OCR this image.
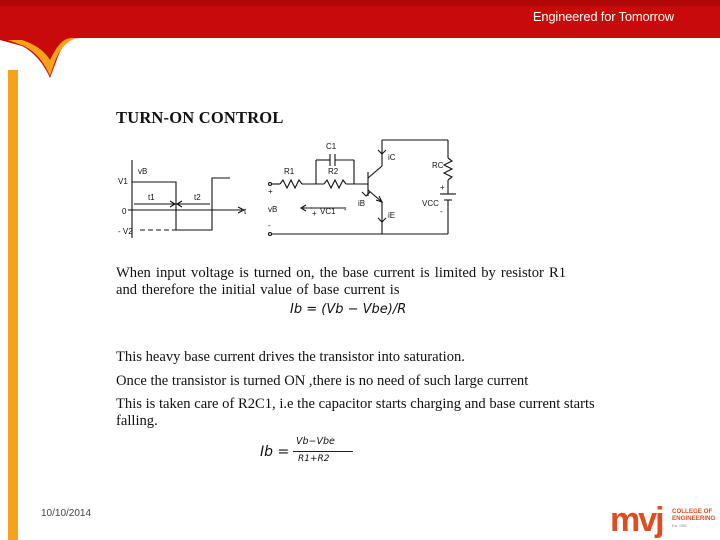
Engineered for Tomorrow
TURN-ON CONTROL
V1
vB
0
t1	t2
t
- V2
C1
R1	R2
+
vB
-
+ VC1 -
iB
iC
iE
RC
+
VCC
-
When input voltage is turned on, the base current is limited by resistor R1 and therefore the initial value of base current is
Ib = (Vb − Vbe)/R
This heavy base current drives the transistor into saturation.
Once the transistor is turned ON ,there is no need of such large current
This is taken care of R2C1, i.e the capacitor starts charging and base current starts falling.
Ib =
Vb−Vbe
R1+R2
10/10/2014	mvj COLLEGE OF
ENGINEERING
Est. 1982
